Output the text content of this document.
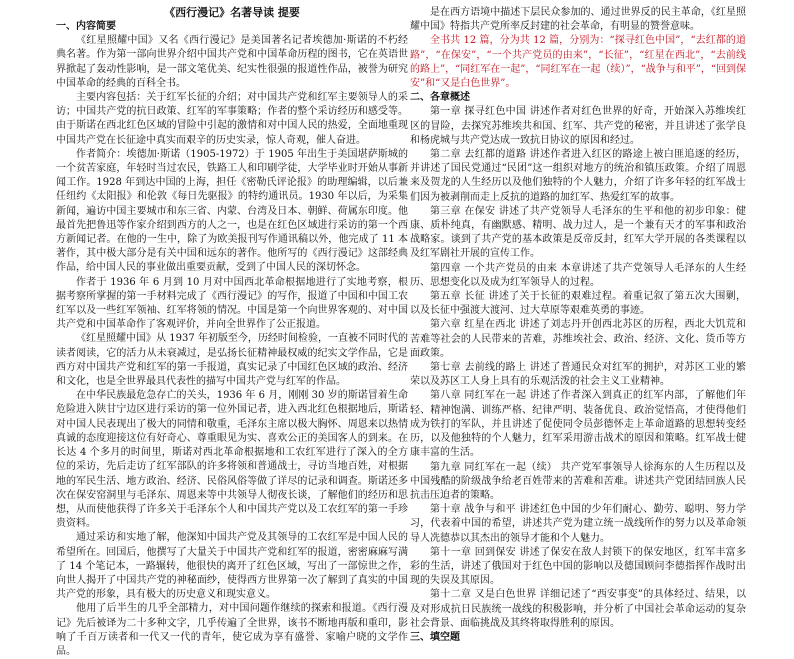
《西行漫记》名著导读 提要
一、内容简要

《红星照耀中国》又名《西行漫记》是美国著名记者埃德加·斯诺的不朽经典名著。作为第一部向世界介绍中国共产党和中国革命历程的图书，它在英语世界掀起了轰动性影响，是一部文笔优美、纪实性很强的报道性作品，被誉为研究中国革命的经典的百科全书。

主要内容包括：关于红军长征的介绍；对中国共产党和红军主要领导人的采访；中国共产党的抗日政策、红军的军事策略；作者的整个采访经历和感受等。由于斯诺在西北红色区域的冒险中引起的激情和对中国人民的热爱，全面地重现中国共产党在长征途中真实而艰辛的历史实录，惊人奇观，催人奋进。

作者简介：埃德加·斯诺（1905-1972）于 1905 年出生于美国堪萨斯城的一个贫苦家庭，年轻时当过农民，铁路工人和印刷学徒，大学毕业时开始从事新闻工作。1928 年到达中国的上海，担任《密勒氏评论报》的助理编辑，以后兼任纽约《太阳报》和伦敦《每日先驱报》的特约通讯员。1930 年以后，为采集新闻，遍访中国主要城市和东三省、内蒙、台湾及日本、朝鲜、荷属东印度。他最首先把鲁迅等作家介绍到西方的人之一，也是在红色区域进行采访的第一个西方新闻记者。在他的一生中，除了为欧美报刊写作通讯稿以外，他完成了 11 本著作，其中极大部分是有关中国和远东的著作。他所写的《西行漫记》这部经典作品，给中国人民的事业做出重要贡献，受到了中国人民的深切怀念。

作者于 1936 年 6 月到 10 月对中国西北革命根据地进行了实地考察，根据考察所掌握的第一手材料完成了《西行漫记》的写作，报道了中国和中国工农红军以及一些红军领袖、红军将领的情况。中国是第一个向世界客观的、对中国共产党和中国革命作了客观评价，并向全世界作了公正报道。

《红星照耀中国》从 1937 年初版至今，历经时间检验，一直被不同时代的读者阅读，它的活力从未衰减过，是弘扬长征精神最权威的纪实文学作品，它是西方对中国共产党和红军的第一手报道，真实记录了中国红色区域的政治、经济和文化，也是全世界最具代表性的描写中国共产党与红军的作品。

在中华民族最危急存亡的关头，1936 年 6 月，刚刚 30 岁的斯诺冒着生命危险进入陕甘宁边区进行采访的第一位外国记者，进入西北红色根据地后，斯诺对中国人民表现出了极大的同情和敬重，毛泽东主席以极大胸怀、周恩来以热情真诚的态度迎接这位有好奇心、尊重眼见为实、喜欢公正的美国客人的到来。在长达 4 个多月的时间里，斯诺对西北革命根据地和工农红军进行了深入的全方位的采访，先后走访了红军部队的许多将领和普通战士，寻访当地百姓，对根据地的军民生活、地方政治、经济、民俗风俗等做了详尽的记录和调查。斯诺还多次在保安窑洞里与毛泽东、周恩来等中共领导人彻夜长谈，了解他们的经历和思想，从而使他获得了许多关于毛泽东个人和中国共产党以及工农红军的第一手珍贵资料。

通过采访和实地了解，他深知中国共产党及其领导的工农红军是中国人民的希望所在。回国后，他撰写了大量关于中国共产党和红军的报道，密密麻麻写满了 14 个笔记本，一路辗转，他很快的离开了红色区域，写出了一部惊世之作，向世人揭开了中国共产党的神秘面纱，使得西方世界第一次了解到了真实的中国共产党的形象，具有极大的历史意义和现实意义。

他用了后半生的几乎全部精力，对中国问题作继续的探索和报道。《西行漫记》先后被译为二十多种文字，几乎传遍了全世界，该书不断地再版和重印，影响了千百万读者和一代又一代的青年，使它成为享有盛誉、家喻户晓的文学作品。

是在西方语境中描述下层民众参加的、通过世界反的民主革命，《红星照耀中国》特指共产党所率反封建的社会革命，有明显的赞誉意味。

全书共 12 篇，分为共 12 篇，分别为：“探寻红色中国”，“去红都的道路”，“在保安”，“一个共产党员的由来”，“长征”，“红星在西北”，“去前线的路上”，“同红军在一起”，“同红军在一起（续）”，“战争与和平”，“回到保安”和“又是白色世界”。

二、各章概述

第一章 探寻红色中国 讲述作者对红色世界的好奇，开始深入苏维埃红区的冒险，去探究苏维埃共和国、红军、共产党的秘密，并且讲述了张学良和杨虎城与共产党达成一致抗日协议的原因和经过。

第二章 去红都的道路 讲述作者进入红区的路途上被白匪追逐的经历，并讲述了国民党通过“民团”这一组织对地方的统治和镇压政策。介绍了周恩来及贺龙的人生经历以及他们独特的个人魅力，介绍了许多年轻的红军战士们因为被剥削而走上反抗的道路的加红军、热爱红军的故事。

第三章 在保安 讲述了共产党领导人毛泽东的生平和他的初步印象：健康、质朴纯真，有幽默感、精明、战力过人，是一个兼有天才的军事和政治战略家。谈到了共产党的基本政策是反帝反封，红军大学开展的各类课程以及红军剧社开展的宣传工作。

第四章 一个共产党员的由来 本章讲述了共产党领导人毛泽东的人生经历、思想变化以及成为红军领导人的过程。

第五章 长征 讲述了关于长征的艰难过程。着重记叙了第五次大围剿，以及长征中强渡大渡河、过大草原等艰难英勇的事迹。

第六章 红星在西北 讲述了刘志丹开创西北苏区的历程，西北大饥荒和苦难等社会的人民带来的苦难，苏维埃社会、政治、经济、文化、货币等方面政策。

第七章 去前线的路上 讲述了普通民众对红军的拥护，对苏区工业的繁荣以及苏区工人身上具有的乐观活泼的社会主义工业精神。

第八章 同红军在一起 讲述了作者深入到真正的红军内部，了解他们年轻、精神饱满、训练严格、纪律严明、装备优良、政治觉悟高，才使得他们成为铁打的军队，并且讲述了促使同令员彭德怀走上革命道路的思想转变经历，以及他独特的个人魅力，红军采用游击战术的原因和策略。红军战士健康丰富的生活。

第九章 同红军在一起（续） 共产党军事领导人徐海东的人生历程以及中国残酷的阶级战争给老百姓带来的苦难和苦难。讲述共产党团结回族人民抗击压迫者的策略。

第十章 战争与和平 讲述红色中国的少年们耐心、勤劳、聪明、努力学习，代表着中国的希望，讲述共产党为建立统一战线所作的努力以及革命领导人冼德恭以其杰出的领导才能和个人魅力。

第十一章 回到保安 讲述了保安在敌人封锁下的保安地区，红军丰富多彩的生活，讲述了俄国对于红色中国的影响以及德国顾问李德指挥作战时出现的失误及其原因。

第十二章 又是白色世界 详细记述了“西安事变”的具体经过、结果，以及对形成抗日民族统一战线的积极影响，并分析了中国社会革命运动的复杂社会背景、面临挑战及其终将取得胜利的原因。

三、填空题
